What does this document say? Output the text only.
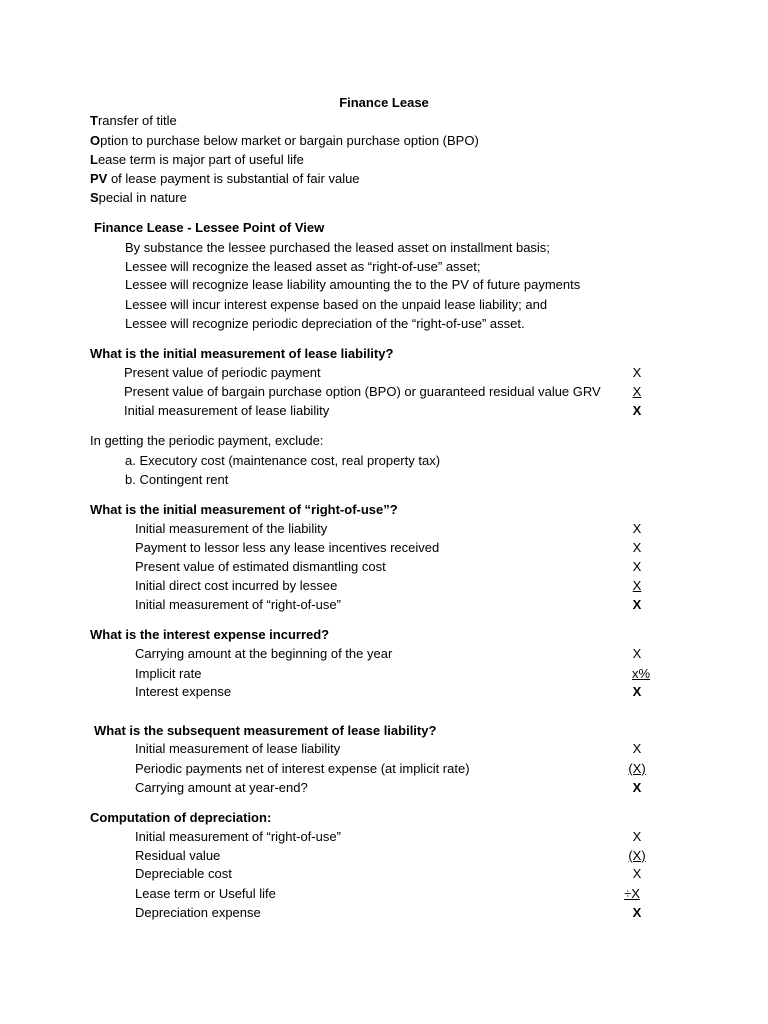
Finance Lease
Transfer of title
Option to purchase below market or bargain purchase option (BPO)
Lease term is major part of useful life
PV of lease payment is substantial of fair value
Special in nature
Finance Lease - Lessee Point of View
By substance the lessee purchased the leased asset on installment basis;
Lessee will recognize the leased asset as “right-of-use” asset;
Lessee will recognize lease liability amounting the to the PV of future payments
Lessee will incur interest expense based on the unpaid lease liability; and
Lessee will recognize periodic depreciation of the “right-of-use” asset.
What is the initial measurement of lease liability?
Present value of periodic payment	X
Present value of bargain purchase option (BPO) or guaranteed residual value GRV	X
Initial measurement of lease liability	X
In getting the periodic payment, exclude:
a. Executory cost (maintenance cost, real property tax)
b. Contingent rent
What is the initial measurement of “right-of-use”?
Initial measurement of the liability	X
Payment to lessor less any lease incentives received	X
Present value of estimated dismantling cost	X
Initial direct cost incurred by lessee	X
Initial measurement of “right-of-use”	X
What is the interest expense incurred?
Carrying amount at the beginning of the year	X
Implicit rate	x%
Interest expense	X
What is the subsequent measurement of lease liability?
Initial measurement of lease liability	X
Periodic payments net of interest expense (at implicit rate)	(X)
Carrying amount at year-end?	X
Computation of depreciation:
Initial measurement of “right-of-use”	X
Residual value	(X)
Depreciable cost	X
Lease term or Useful life	÷X
Depreciation expense	X
